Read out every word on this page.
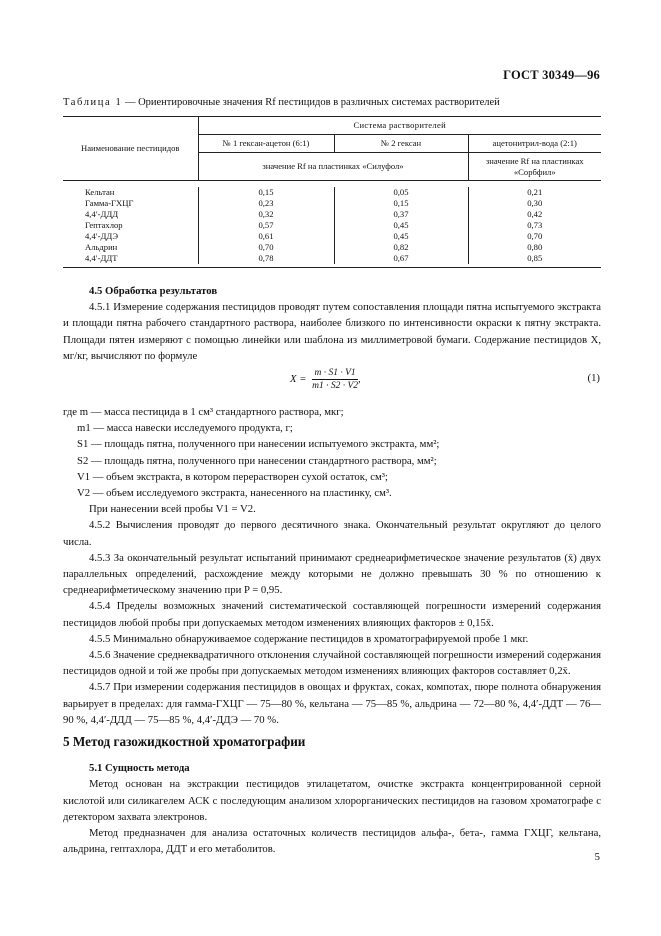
ГОСТ 30349—96
Таблица 1 — Ориентировочные значения Rf пестицидов в различных системах растворителей
Наименование пестицидов	Система растворителей		
	№ 1 гексан-ацетон (6:1)	№ 2 гексан	ацетонитрил-вода (2:1)
	значение Rf на пластинках «Силуфол»		значение Rf на пластинках
«Сорбфил»

Кельтан	0,15	0,05	0,21
Гамма-ГХЦГ	0,23	0,15	0,30
4,4′-ДДД	0,32	0,37	0,42
Гептахлор	0,57	0,45	0,73
4,4′-ДДЭ	0,61	0,45	0,70
Альдрин	0,70	0,82	0,80
4,4′-ДДТ	0,78	0,67	0,85

4.5 Обработка результатов

4.5.1 Измерение содержания пестицидов проводят путем сопоставления площади пятна испытуемого экстракта и площади пятна рабочего стандартного раствора, наиболее близкого по интенсивности окраски к пятну экстракта. Площади пятен измеряют с помощью линейки или шаблона из миллиметровой бумаги. Содержание пестицидов X, мг/кг, вычисляют по формуле

$X = \frac{m \cdot S1 \cdot V1}{m1 \cdot S2 \cdot V2}$ ,	(1)

где m — масса пестицида в 1 см³ стандартного раствора, мкг;

m1 — масса навески исследуемого продукта, г;

S1 — площадь пятна, полученного при нанесении испытуемого экстракта, мм²;

S2 — площадь пятна, полученного при нанесении стандартного раствора, мм²;

V1 — объем экстракта, в котором перерастворен сухой остаток, см³;

V2 — объем исследуемого экстракта, нанесенного на пластинку, см³.

При нанесении всей пробы V1 = V2.

4.5.2 Вычисления проводят до первого десятичного знака. Окончательный результат округляют до целого числа.

4.5.3 За окончательный результат испытаний принимают среднеарифметическое значение результатов (x̄) двух параллельных определений, расхождение между которыми не должно превышать 30 % по отношению к среднеарифметическому значению при P = 0,95.

4.5.4 Пределы возможных значений систематической составляющей погрешности измерений содержания пестицидов любой пробы при допускаемых методом изменениях влияющих факторов ± 0,15x̄.

4.5.5 Минимально обнаруживаемое содержание пестицидов в хроматографируемой пробе 1 мкг.

4.5.6 Значение среднеквадратичного отклонения случайной составляющей погрешности измерений содержания пестицидов одной и той же пробы при допускаемых методом изменениях влияющих факторов составляет 0,2x̄.

4.5.7 При измерении содержания пестицидов в овощах и фруктах, соках, компотах, пюре полнота обнаружения варьирует в пределах: для гамма-ГХЦГ — 75—80 %, кельтана — 75—85 %, альдрина — 72—80 %, 4,4′-ДДТ — 76—90 %, 4,4′-ДДД — 75—85 %, 4,4′-ДДЭ — 70 %.

5 Метод газожидкостной хроматографии

5.1 Сущность метода

Метод основан на экстракции пестицидов этилацетатом, очистке экстракта концентрированной серной кислотой или силикагелем АСК с последующим анализом хлорорганических пестицидов на газовом хроматографе с детектором захвата электронов.

Метод предназначен для анализа остаточных количеств пестицидов альфа-, бета-, гамма ГХЦГ, кельтана, альдрина, гептахлора, ДДТ и его метаболитов.

5
